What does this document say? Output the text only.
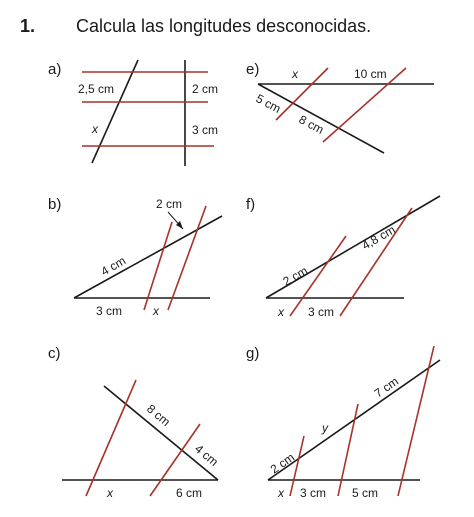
1.	Calcula las longitudes desconocidas.
a)
2,5 cm
x
2 cm
3 cm
e)	x	10 cm
5 cm
8 cm
b)
4 cm
2 cm
3 cm	x
f)
4,8 cm
2 cm
x 3 cm
c)
8 cm
4 cm
x	6 cm
g)
7 cm
y
2 cm
x 3 cm 5 cm
